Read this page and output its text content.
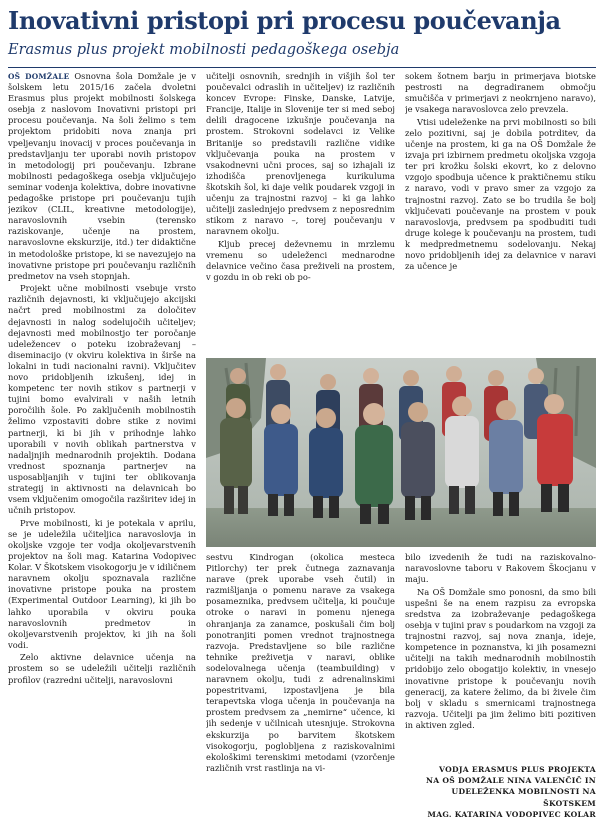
Inovativni pristopi pri procesu poučevanja
Erasmus plus projekt mobilnosti pedagoškega osebja

OŠ DOMŽALE Osnovna šola Domžale je v šolskem letu 2015/16 začela dvoletni Erasmus plus projekt mobilnosti šolskega osebja z naslovom Inovativni pristopi pri procesu poučevanja. Na šoli želimo s tem projektom pridobiti nova znanja pri vpeljevanju inovacij v proces poučevanja in predstavljanju ter uporabi novih pristopov in metodologij pri poučevanju. Izbrane mobilnosti pedagoškega osebja vključujejo seminar vodenja kolektiva, dobre inovativne pedagoške pristope pri poučevanju tujih jezikov (CLIL, kreativne metodologije), naravoslovnih vsebin (terensko raziskovanje, učenje na prostem, naravoslovne ekskurzije, itd.) ter didaktične in metodološke pristope, ki se navezujejo na inovativne pristope pri poučevanju različnih predmetov na vseh stopnjah.

Projekt učne mobilnosti vsebuje vrsto različnih dejavnosti, ki vključujejo akcijski načrt pred mobilnostmi za določitev dejavnosti in nalog sodelujočih učiteljev; dejavnosti med mobilnostjo ter poročanje udeležencev o poteku izobraževanj – diseminacijo (v okviru kolektiva in širše na lokalni in tudi nacionalni ravni). Vključitev novo pridobljenih izkušenj, idej in kompetenc ter novih stikov s partnerji v tujini bomo evalvirali v naših letnih poročilih šole. Po zaključenih mobilnostih želimo vzpostaviti dobre stike z novimi partnerji, ki bi jih v prihodnje lahko uporabili v novih oblikah partnerstva v nadaljnjih mednarodnih projektih. Dodana vrednost spoznanja partnerjev na usposabljanjih v tujini ter oblikovanja strategij in aktivnosti na delavnicah bo vsem vključenim omogočila razširitev idej in učnih pristopov.

Prve mobilnosti, ki je potekala v aprilu, se je udeležila učiteljica naravoslovja in okoljske vzgoje ter vodja okoljevarstvenih projektov na šoli mag. Katarina Vodopivec Kolar. V Škotskem visokogorju je v idiličnem naravnem okolju spoznavala različne inovativne pristope pouka na prostem (Experimental Outdoor Learning), ki jih bo lahko uporabila v okviru pouka naravoslovnih predmetov in okoljevarstvenih projektov, ki jih na šoli vodi.

Zelo aktivne delavnice učenja na prostem so se udeležili učitelji različnih profilov (razredni učitelji, naravoslovni

učitelji osnovnih, srednjih in višjih šol ter poučevalci odraslih in učiteljev) iz različnih koncev Evrope: Finske, Danske, Latvije, Francije, Italije in Slovenije ter si med seboj delili dragocene izkušnje poučevanja na prostem. Strokovni sodelavci iz Velike Britanije so predstavili različne vidike vključevanja pouka na prostem v vsakodnevni učni proces, saj so izhajali iz izhodišča prenovljenega kurikuluma škotskih šol, ki daje velik poudarek vzgoji in učenju za trajnostni razvoj – ki ga lahko učitelji zaslednjejo predvsem z neposrednim stikom z naravo –, torej poučevanju v naravnem okolju.

Kljub precej deževnemu in mrzlemu vremenu so udeleženci mednarodne delavnice večino časa preživeli na prostem, v gozdu in ob reki ob po-

sokem šotnem barju in primerjava biotske pestrosti na degradiranem območju smučišča v primerjavi z neokrnjeno naravo), je vsakega naravoslovca zelo prevzela.

Vtisi udeleženke na prvi mobilnosti so bili zelo pozitivni, saj je dobila potrditev, da učenje na prostem, ki ga na OŠ Domžale že izvaja pri izbirnem predmetu okoljska vzgoja ter pri krožku šolski ekovrt, ko z delovno vzgojo spodbuja učence k praktičnemu stiku z naravo, vodi v pravo smer za vzgojo za trajnostni razvoj. Zato se bo trudila še bolj vključevati poučevanje na prostem v pouk naravoslovja, predvsem pa spodbuditi tudi druge kolege k poučevanju na prostem, tudi k medpredmetnemu sodelovanju. Nekaj novo pridobljenih idej za delavnice v naravi za učence je

sestvu Kindrogan (okolica mesteca Pitlorchy) ter prek čutnega zaznavanja narave (prek uporabe vseh čutil) in razmišljanja o pomenu narave za vsakega posameznika, predvsem učitelja, ki poučuje otroke o naravi in pomenu njenega ohranjanja za zanamce, poskušali čim bolj ponotranjiti pomen vrednot trajnostnega razvoja. Predstavljene so bile različne tehnike preživetja v naravi, oblike sodelovalnega učenja (teambuilding) v naravnem okolju, tudi z adrenalinskimi popestritvami, izpostavljena je bila terapevtska vloga učenja in poučevanja na prostem predvsem za „nemirne“ učence, ki jih sedenje v učilnicah utesnjuje. Strokovna ekskurzija po barvitem škotskem visokogorju, poglobljena z raziskovalnimi ekološkimi terenskimi metodami (vzorčenje različnih vrst rastlinja na vi-

bilo izvedenih že tudi na raziskovalno-naravoslovne taboru v Rakovem Škocjanu v maju.

Na OŠ Domžale smo ponosni, da smo bili uspešni še na enem razpisu za evropska sredstva za izobraževanje pedagoškega osebja v tujini prav s poudarkom na vzgoji za trajnostni razvoj, saj nova znanja, ideje, kompetence in poznanstva, ki jih posamezni učitelji na takih mednarodnih mobilnostih pridobijo zelo obogatijo kolektiv, in vnesejo inovativne pristope k poučevanju novih generacij, za katere želimo, da bi živele čim bolj v skladu s smernicami trajnostnega razvoja. Učitelji pa jim želimo biti pozitiven in aktiven zgled.

VODJA ERASMUS PLUS PROJEKTA
NA OŠ DOMŽALE NINA VALENČIČ IN
UDELEŽENKA MOBILNOSTI NA ŠKOTSKEM
MAG. KATARINA VODOPIVEC KOLAR
